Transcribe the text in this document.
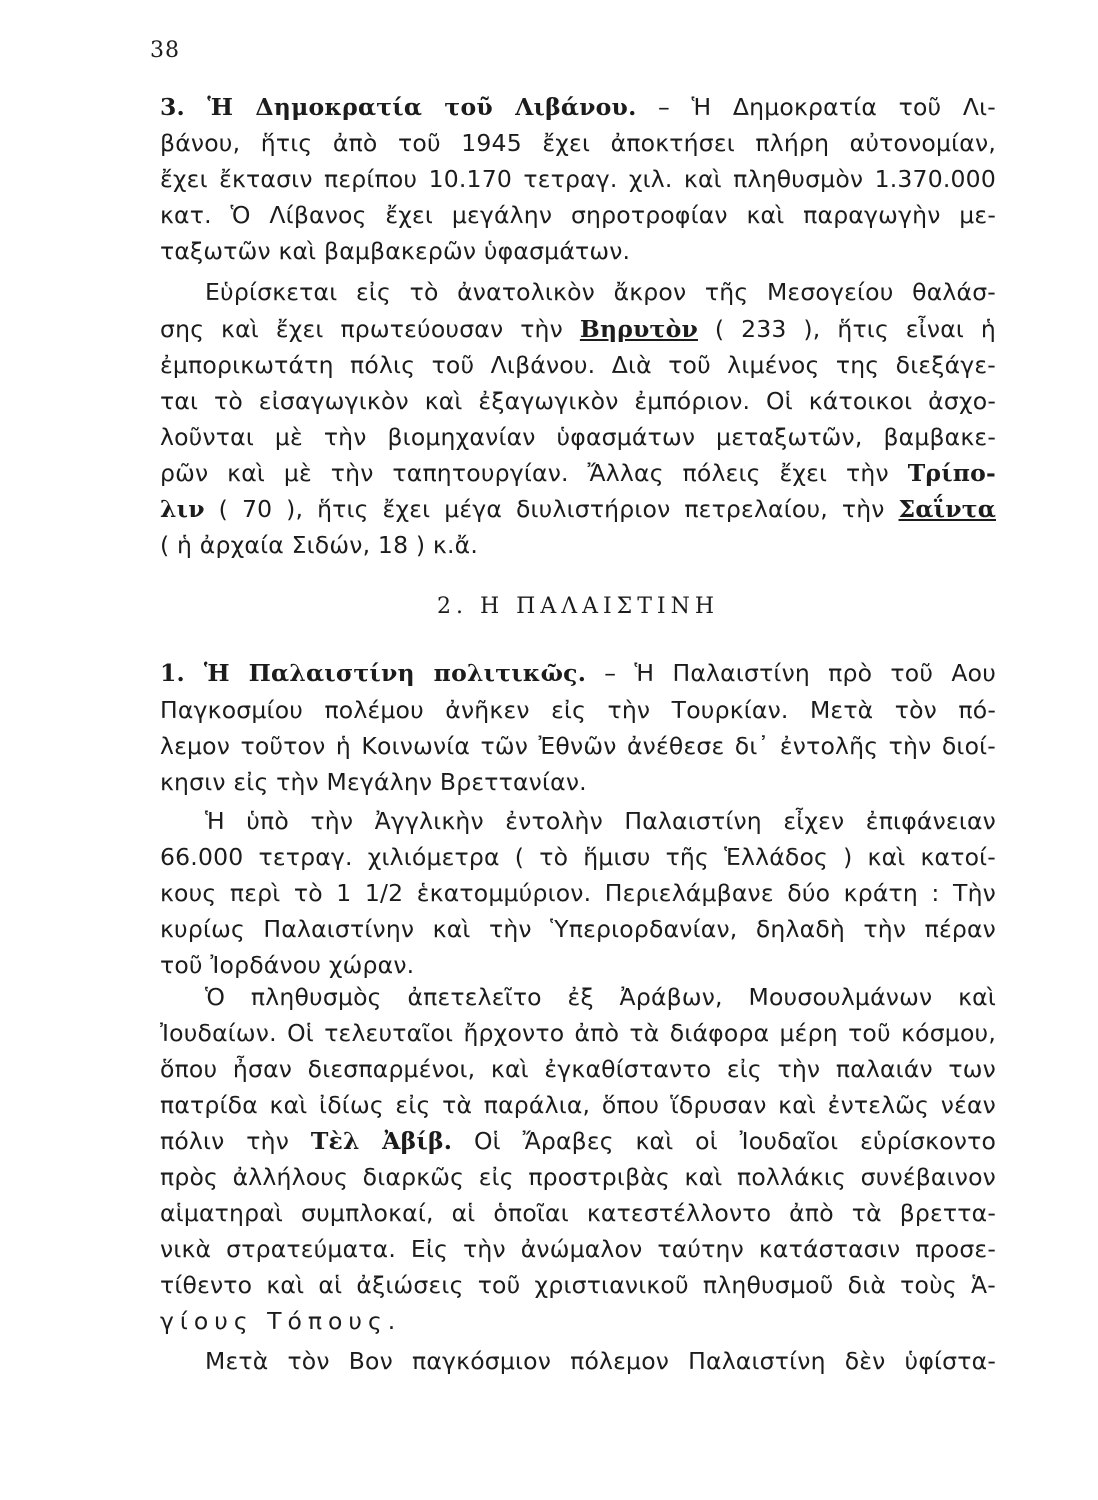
38
3. Ἡ Δημοκρατία τοῦ Λιβάνου. – Ἡ Δημοκρατία τοῦ Λι-
βάνου, ἥτις ἀπὸ τοῦ 1945 ἔχει ἀποκτήσει πλήρη αὐτονομίαν,
ἔχει ἔκτασιν περίπου 10.170 τετραγ. χιλ. καὶ πληθυσμὸν 1.370.000
κατ. Ὁ Λίβανος ἔχει μεγάλην σηροτροφίαν καὶ παραγωγὴν με-
ταξωτῶν καὶ βαμβακερῶν ὑφασμάτων.
Εὑρίσκεται εἰς τὸ ἀνατολικὸν ἄκρον τῆς Μεσογείου θαλάσ-
σης καὶ ἔχει πρωτεύουσαν τὴν Βηρυτὸν ( 233 ), ἥτις εἶναι ἡ
ἐμπορικωτάτη πόλις τοῦ Λιβάνου. Διὰ τοῦ λιμένος της διεξάγε-
ται τὸ εἰσαγωγικὸν καὶ ἐξαγωγικὸν ἐμπόριον. Οἱ κάτοικοι ἀσχο-
λοῦνται μὲ τὴν βιομηχανίαν ὑφασμάτων μεταξωτῶν, βαμβακε-
ρῶν καὶ μὲ τὴν ταπητουργίαν. Ἄλλας πόλεις ἔχει τὴν Τρίπο-
λιν ( 70 ), ἥτις ἔχει μέγα διυλιστήριον πετρελαίου, τὴν Σαΐντα
( ἡ ἀρχαία Σιδών, 18 ) κ.ἄ.
2. Η ΠΑΛΑΙΣΤΙΝΗ
1. Ἡ Παλαιστίνη πολιτικῶς. – Ἡ Παλαιστίνη πρὸ τοῦ Αου
Παγκοσμίου πολέμου ἀνῆκεν εἰς τὴν Τουρκίαν. Μετὰ τὸν πό-
λεμον τοῦτον ἡ Κοινωνία τῶν Ἐθνῶν ἀνέθεσε δι᾽ ἐντολῆς τὴν διοί-
κησιν εἰς τὴν Μεγάλην Βρεττανίαν.
Ἡ ὑπὸ τὴν Ἀγγλικὴν ἐντολὴν Παλαιστίνη εἶχεν ἐπιφάνειαν
66.000 τετραγ. χιλιόμετρα ( τὸ ἥμισυ τῆς Ἑλλάδος ) καὶ κατοί-
κους περὶ τὸ 1 1/2 ἑκατομμύριον. Περιελάμβανε δύο κράτη : Τὴν
κυρίως Παλαιστίνην καὶ τὴν Ὑπεριορδανίαν, δηλαδὴ τὴν πέραν
τοῦ Ἰορδάνου χώραν.
Ὁ πληθυσμὸς ἀπετελεῖτο ἐξ Ἀράβων, Μουσουλμάνων καὶ
Ἰουδαίων. Οἱ τελευταῖοι ἤρχοντο ἀπὸ τὰ διάφορα μέρη τοῦ κόσμου,
ὅπου ἦσαν διεσπαρμένοι, καὶ ἐγκαθίσταντο εἰς τὴν παλαιάν των
πατρίδα καὶ ἰδίως εἰς τὰ παράλια, ὅπου ἵδρυσαν καὶ ἐντελῶς νέαν
πόλιν τὴν Τὲλ Ἀβίβ. Οἱ Ἄραβες καὶ οἱ Ἰουδαῖοι εὑρίσκοντο
πρὸς ἀλλήλους διαρκῶς εἰς προστριβὰς καὶ πολλάκις συνέβαινον
αἱματηραὶ συμπλοκαί, αἱ ὁποῖαι κατεστέλλοντο ἀπὸ τὰ βρεττα-
νικὰ στρατεύματα. Εἰς τὴν ἀνώμαλον ταύτην κατάστασιν προσε-
τίθεντο καὶ αἱ ἀξιώσεις τοῦ χριστιανικοῦ πληθυσμοῦ διὰ τοὺς Ἁ-
γίους Τόπους.
Μετὰ τὸν Βον παγκόσμιον πόλεμον Παλαιστίνη δὲν ὑφίστα-
